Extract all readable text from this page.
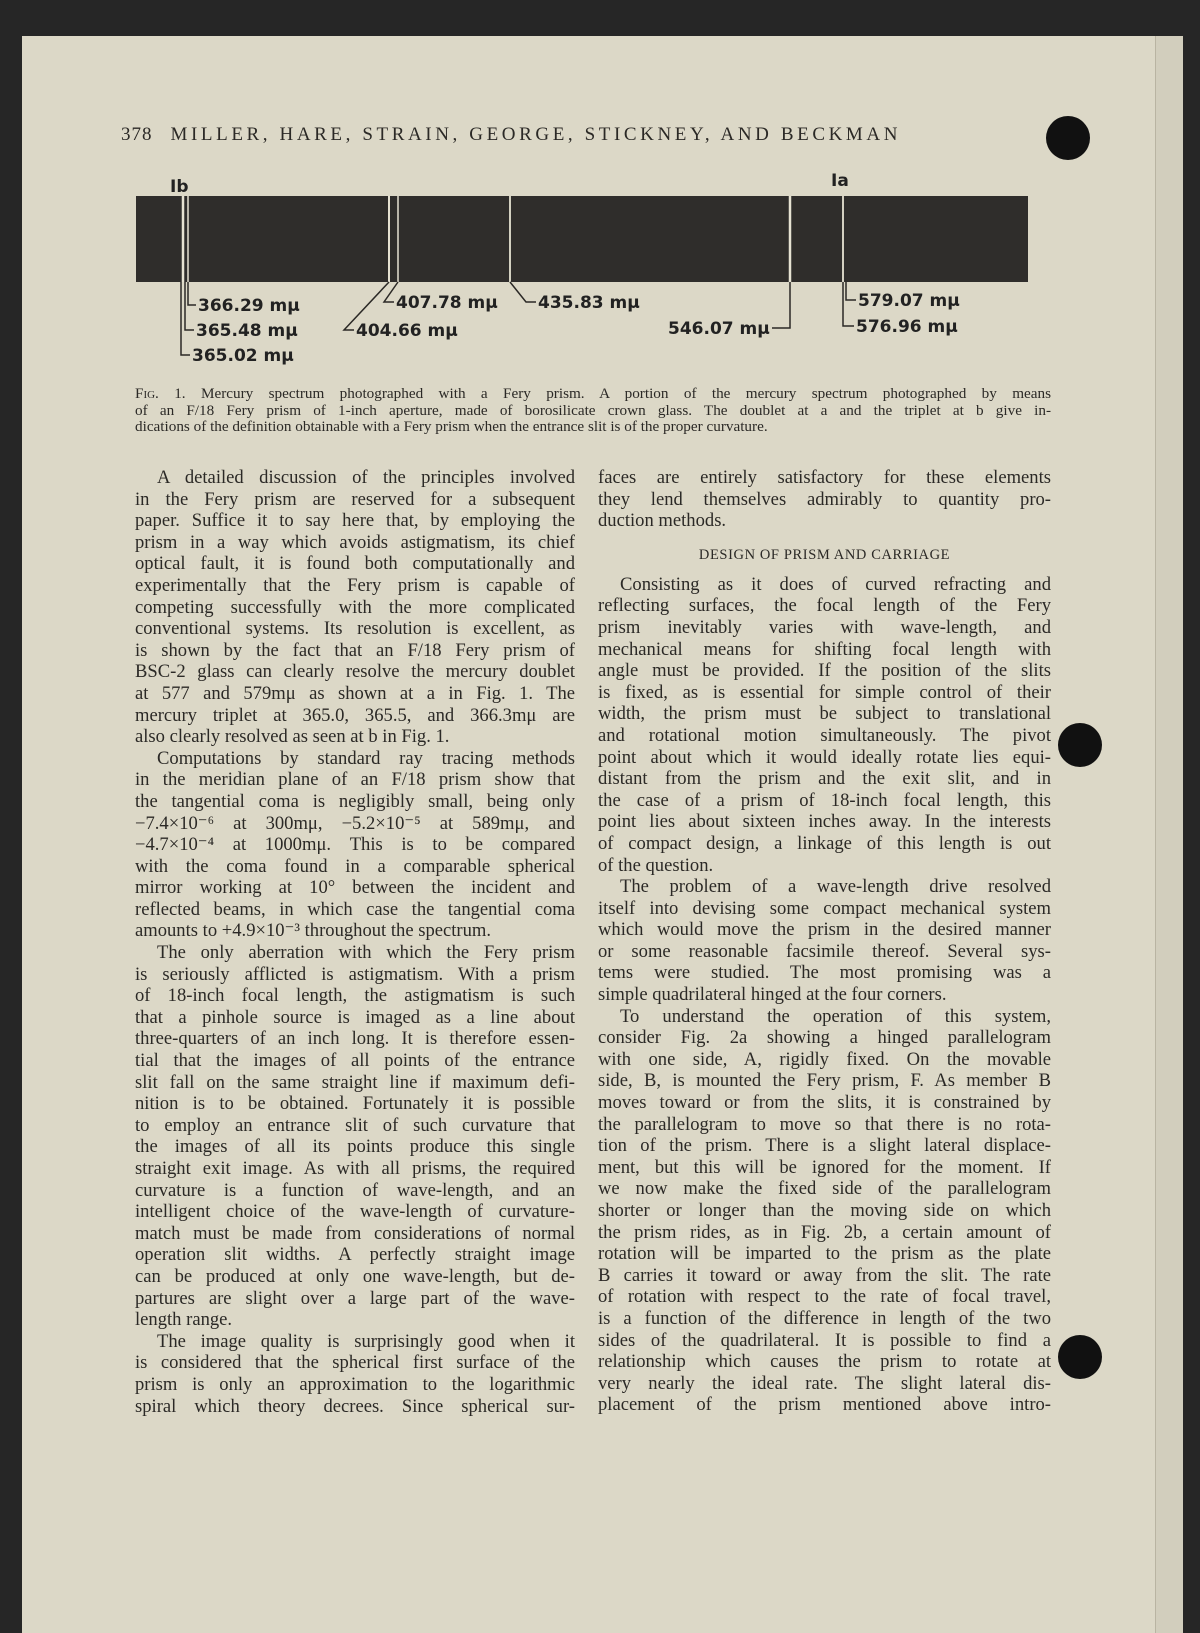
378 MILLER, HARE, STRAIN, GEORGE, STICKNEY, AND BECKMAN
Ib	Ia
366.29 mμ
365.48 mμ
365.02 mμ
407.78 mμ
404.66 mμ
435.83 mμ
546.07 mμ
579.07 mμ
576.96 mμ
Fig. 1. Mercury spectrum photographed with a Fery prism. A portion of the mercury spectrum photographed by means
of an F/18 Fery prism of 1-inch aperture, made of borosilicate crown glass. The doublet at a and the triplet at b give in-
dications of the definition obtainable with a Fery prism when the entrance slit is of the proper curvature.
A detailed discussion of the principles involved
in the Fery prism are reserved for a subsequent
paper. Suffice it to say here that, by employing the
prism in a way which avoids astigmatism, its chief
optical fault, it is found both computationally and
experimentally that the Fery prism is capable of
competing successfully with the more complicated
conventional systems. Its resolution is excellent, as
is shown by the fact that an F/18 Fery prism of
BSC-2 glass can clearly resolve the mercury doublet
at 577 and 579mμ as shown at a in Fig. 1. The
mercury triplet at 365.0, 365.5, and 366.3mμ are
also clearly resolved as seen at b in Fig. 1.
Computations by standard ray tracing methods
in the meridian plane of an F/18 prism show that
the tangential coma is negligibly small, being only
−7.4×10⁻⁶ at 300mμ, −5.2×10⁻⁵ at 589mμ, and
−4.7×10⁻⁴ at 1000mμ. This is to be compared
with the coma found in a comparable spherical
mirror working at 10° between the incident and
reflected beams, in which case the tangential coma
amounts to +4.9×10⁻³ throughout the spectrum.
The only aberration with which the Fery prism
is seriously afflicted is astigmatism. With a prism
of 18-inch focal length, the astigmatism is such
that a pinhole source is imaged as a line about
three-quarters of an inch long. It is therefore essen-
tial that the images of all points of the entrance
slit fall on the same straight line if maximum defi-
nition is to be obtained. Fortunately it is possible
to employ an entrance slit of such curvature that
the images of all its points produce this single
straight exit image. As with all prisms, the required
curvature is a function of wave-length, and an
intelligent choice of the wave-length of curvature-
match must be made from considerations of normal
operation slit widths. A perfectly straight image
can be produced at only one wave-length, but de-
partures are slight over a large part of the wave-
length range.
The image quality is surprisingly good when it
is considered that the spherical first surface of the
prism is only an approximation to the logarithmic
spiral which theory decrees. Since spherical sur-
faces are entirely satisfactory for these elements
they lend themselves admirably to quantity pro-
duction methods.
DESIGN OF PRISM AND CARRIAGE
Consisting as it does of curved refracting and
reflecting surfaces, the focal length of the Fery
prism inevitably varies with wave-length, and
mechanical means for shifting focal length with
angle must be provided. If the position of the slits
is fixed, as is essential for simple control of their
width, the prism must be subject to translational
and rotational motion simultaneously. The pivot
point about which it would ideally rotate lies equi-
distant from the prism and the exit slit, and in
the case of a prism of 18-inch focal length, this
point lies about sixteen inches away. In the interests
of compact design, a linkage of this length is out
of the question.
The problem of a wave-length drive resolved
itself into devising some compact mechanical system
which would move the prism in the desired manner
or some reasonable facsimile thereof. Several sys-
tems were studied. The most promising was a
simple quadrilateral hinged at the four corners.
To understand the operation of this system,
consider Fig. 2a showing a hinged parallelogram
with one side, A, rigidly fixed. On the movable
side, B, is mounted the Fery prism, F. As member B
moves toward or from the slits, it is constrained by
the parallelogram to move so that there is no rota-
tion of the prism. There is a slight lateral displace-
ment, but this will be ignored for the moment. If
we now make the fixed side of the parallelogram
shorter or longer than the moving side on which
the prism rides, as in Fig. 2b, a certain amount of
rotation will be imparted to the prism as the plate
B carries it toward or away from the slit. The rate
of rotation with respect to the rate of focal travel,
is a function of the difference in length of the two
sides of the quadrilateral. It is possible to find a
relationship which causes the prism to rotate at
very nearly the ideal rate. The slight lateral dis-
placement of the prism mentioned above intro-
